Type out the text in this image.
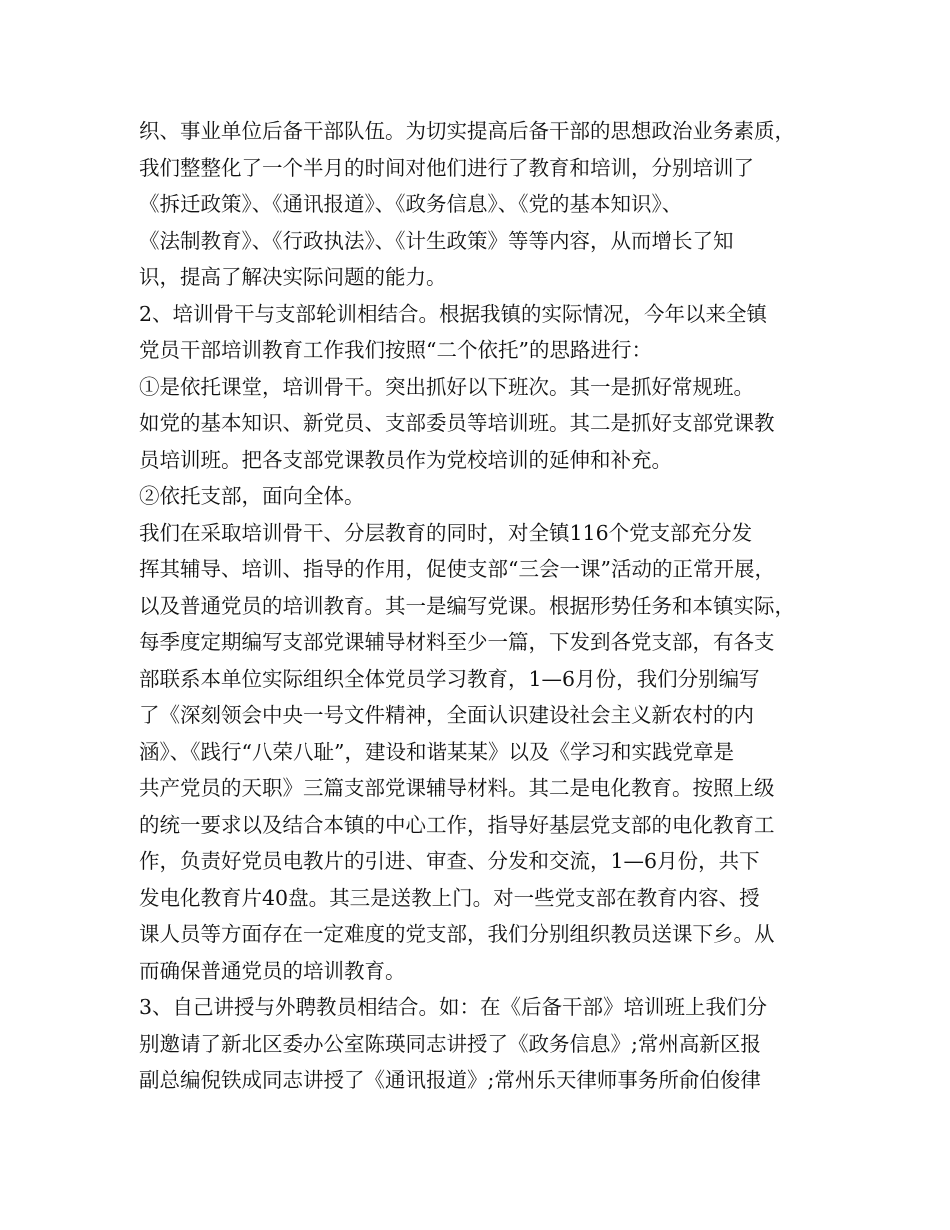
织、事业单位后备干部队伍。为切实提高后备干部的思想政治业务素质，
我们整整化了一个半月的时间对他们进行了教育和培训，分别培训了
《拆迁政策》、《通讯报道》、《政务信息》、《党的基本知识》、
《法制教育》、《行政执法》、《计生政策》等等内容，从而增长了知
识，提高了解决实际问题的能力。
2、培训骨干与支部轮训相结合。根据我镇的实际情况，今年以来全镇
党员干部培训教育工作我们按照“二个依托”的思路进行：
①是依托课堂，培训骨干。突出抓好以下班次。其一是抓好常规班。
如党的基本知识、新党员、支部委员等培训班。其二是抓好支部党课教
员培训班。把各支部党课教员作为党校培训的延伸和补充。
②依托支部，面向全体。
我们在采取培训骨干、分层教育的同时，对全镇116个党支部充分发
挥其辅导、培训、指导的作用，促使支部“三会一课”活动的正常开展，
以及普通党员的培训教育。其一是编写党课。根据形势任务和本镇实际，
每季度定期编写支部党课辅导材料至少一篇，下发到各党支部，有各支
部联系本单位实际组织全体党员学习教育，1—6月份，我们分别编写
了《深刻领会中央一号文件精神，全面认识建设社会主义新农村的内
涵》、《践行“八荣八耻”，建设和谐某某》以及《学习和实践党章是
共产党员的天职》三篇支部党课辅导材料。其二是电化教育。按照上级
的统一要求以及结合本镇的中心工作，指导好基层党支部的电化教育工
作，负责好党员电教片的引进、审查、分发和交流，1—6月份，共下
发电化教育片40盘。其三是送教上门。对一些党支部在教育内容、授
课人员等方面存在一定难度的党支部，我们分别组织教员送课下乡。从
而确保普通党员的培训教育。
3、自己讲授与外聘教员相结合。如：在《后备干部》培训班上我们分
别邀请了新北区委办公室陈瑛同志讲授了《政务信息》;常州高新区报
副总编倪铁成同志讲授了《通讯报道》;常州乐天律师事务所俞伯俊律
